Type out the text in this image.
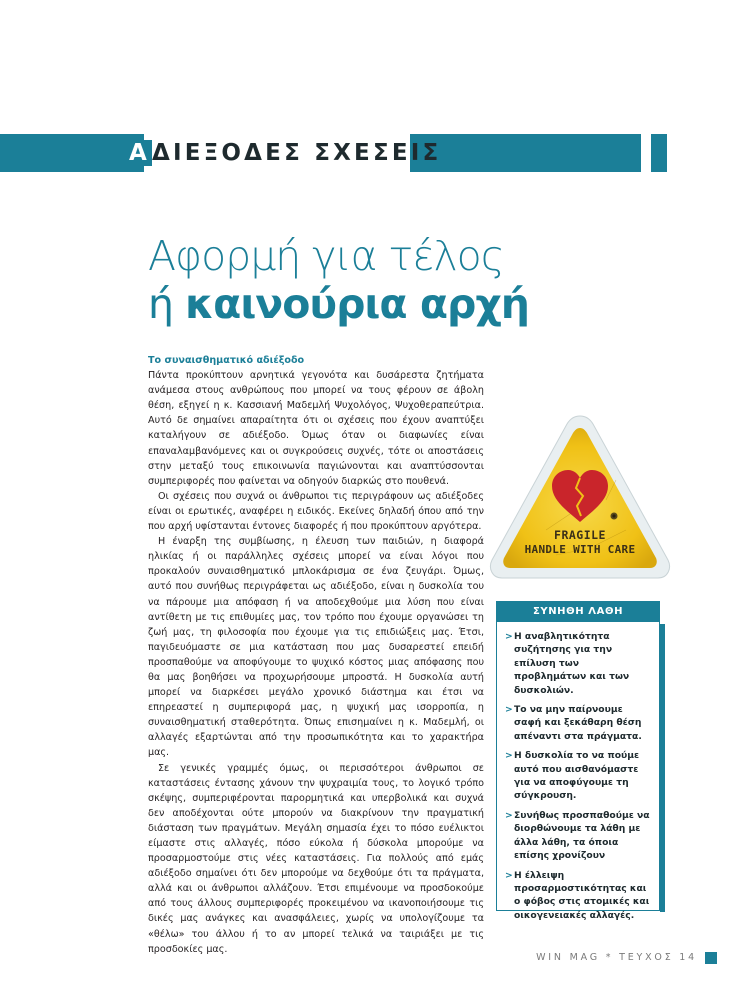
ΑΔΙΕΞΟΔΕΣ ΣΧΕΣΕΙΣ
Αφορμή για τέλος
ή καινούρια αρχή
Το συναισθηματικό αδιέξοδο

Πάντα προκύπτουν αρνητικά γεγονότα και δυσάρεστα ζητήματα ανάμεσα στους ανθρώπους που μπορεί να τους φέρουν σε άβολη θέση, εξηγεί η κ. Κασσιανή Μαδεμλή Ψυχολόγος, Ψυχοθεραπεύτρια. Αυτό δε σημαίνει απαραίτητα ότι οι σχέσεις που έχουν αναπτύξει καταλήγουν σε αδιέξοδο. Όμως όταν οι διαφωνίες είναι επαναλαμβανόμενες και οι συγκρούσεις συχνές, τότε οι αποστάσεις στην μεταξύ τους επικοινωνία παγιώνονται και αναπτύσσονται συμπεριφορές που φαίνεται να οδηγούν διαρκώς στο πουθενά.

Οι σχέσεις που συχνά οι άνθρωποι τις περιγράφουν ως αδιέξοδες είναι οι ερωτικές, αναφέρει η ειδικός. Εκείνες δηλαδή όπου από την που αρχή υφίστανται έντονες διαφορές ή που προκύπτουν αργότερα.

Η έναρξη της συμβίωσης, η έλευση των παιδιών, η διαφορά ηλικίας ή οι παράλληλες σχέσεις μπορεί να είναι λόγοι που προκαλούν συναισθηματικό μπλοκάρισμα σε ένα ζευγάρι. Όμως, αυτό που συνήθως περιγράφεται ως αδιέξοδο, είναι η δυσκολία του να πάρουμε μια απόφαση ή να αποδεχθούμε μια λύση που είναι αντίθετη με τις επιθυμίες μας, τον τρόπο που έχουμε οργανώσει τη ζωή μας, τη φιλοσοφία που έχουμε για τις επιδιώξεις μας. Έτσι, παγιδευόμαστε σε μια κατάσταση που μας δυσαρεστεί επειδή προσπαθούμε να αποφύγουμε το ψυχικό κόστος μιας απόφασης που θα μας βοηθήσει να προχωρήσουμε μπροστά. Η δυσκολία αυτή μπορεί να διαρκέσει μεγάλο χρονικό διάστημα και έτσι να επηρεαστεί η συμπεριφορά μας, η ψυχική μας ισορροπία, η συναισθηματική σταθερότητα. Όπως επισημαίνει η κ. Μαδεμλή, οι αλλαγές εξαρτώνται από την προσωπικότητα και το χαρακτήρα μας.

Σε γενικές γραμμές όμως, οι περισσότεροι άνθρωποι σε καταστάσεις έντασης χάνουν την ψυχραιμία τους, το λογικό τρόπο σκέψης, συμπεριφέρονται παρορμητικά και υπερβολικά και συχνά δεν αποδέχονται ούτε μπορούν να διακρίνουν την πραγματική διάσταση των πραγμάτων. Μεγάλη σημασία έχει το πόσο ευέλικτοι είμαστε στις αλλαγές, πόσο εύκολα ή δύσκολα μπορούμε να προσαρμοστούμε στις νέες καταστάσεις. Για πολλούς από εμάς αδιέξοδο σημαίνει ότι δεν μπορούμε να δεχθούμε ότι τα πράγματα, αλλά και οι άνθρωποι αλλάζουν. Έτσι επιμένουμε να προσδοκούμε από τους άλλους συμπεριφορές προκειμένου να ικανοποιήσουμε τις δικές μας ανάγκες και ανασφάλειες, χωρίς να υπολογίζουμε τα «θέλω» του άλλου ή το αν μπορεί τελικά να ταιριάξει με τις προσδοκίες μας.

FRAGILE
HANDLE WITH CARE
ΣΥΝΗΘΗ ΛΑΘΗ
> Η αναβλητικότητα συζήτησης για την επίλυση των προβλημάτων και των δυσκολιών.
> Το να μην παίρνουμε σαφή και ξεκάθαρη θέση απέναντι στα πράγματα.
> Η δυσκολία το να πούμε αυτό που αισθανόμαστε για να αποφύγουμε τη σύγκρουση.
> Συνήθως προσπαθούμε να διορθώνουμε τα λάθη με άλλα λάθη, τα όποια επίσης χρονίζουν
> Η έλλειψη προσαρμοστικότητας και ο φόβος στις ατομικές και οικογενειακές αλλαγές.
WIN MAG * ΤΕΥΧΟΣ 14
